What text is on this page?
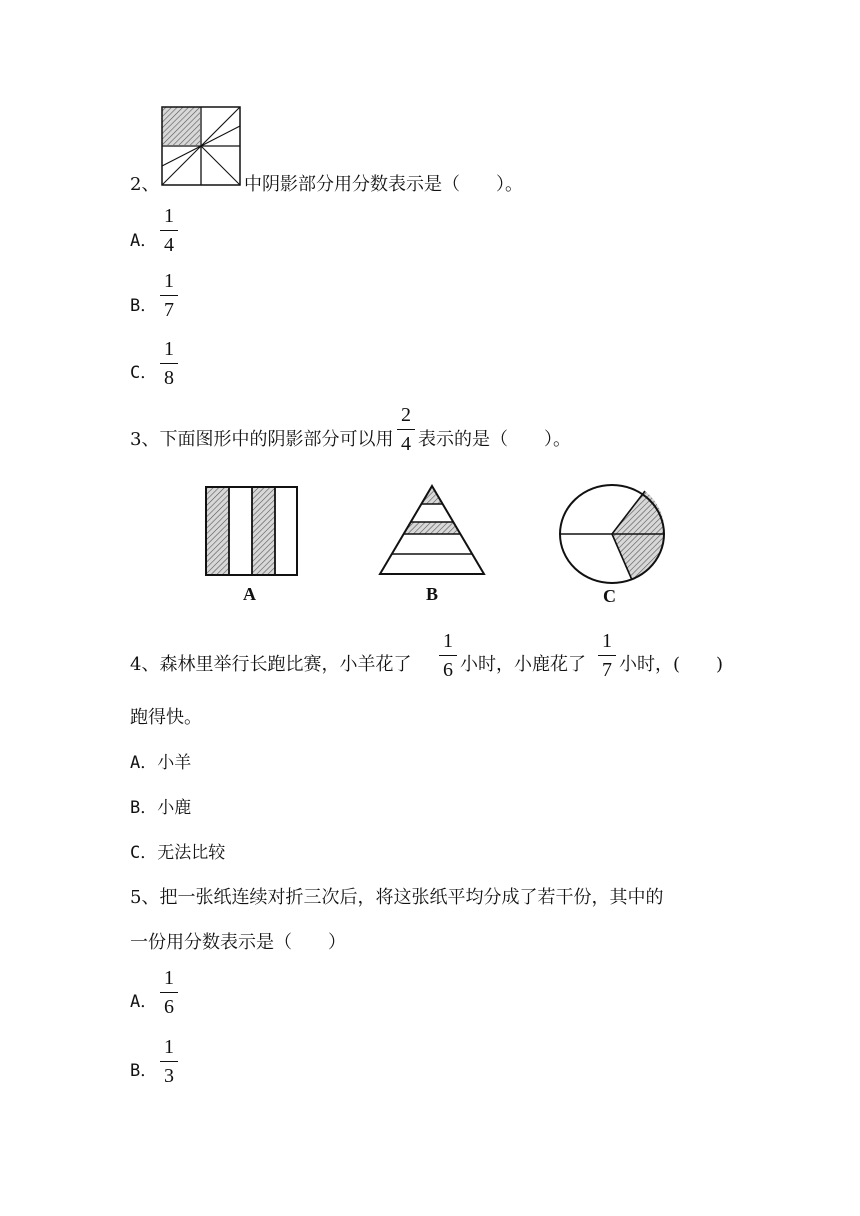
2、	中阴影部分用分数表示是（　　）。
A．
1
4
B．
1
7
C．
1
8
3、下面图形中的阴影部分可以用
2
4 表示的是（　　）。
A	B	C
4、森林里举行长跑比赛，小羊花了
1
6 小时，小鹿花了
1
7 小时，(　　)
跑得快。
A．小羊
B．小鹿
C．无法比较
5、把一张纸连续对折三次后，将这张纸平均分成了若干份，其中的
一份用分数表示是（　　）
A．
1
6
B．
1
3
